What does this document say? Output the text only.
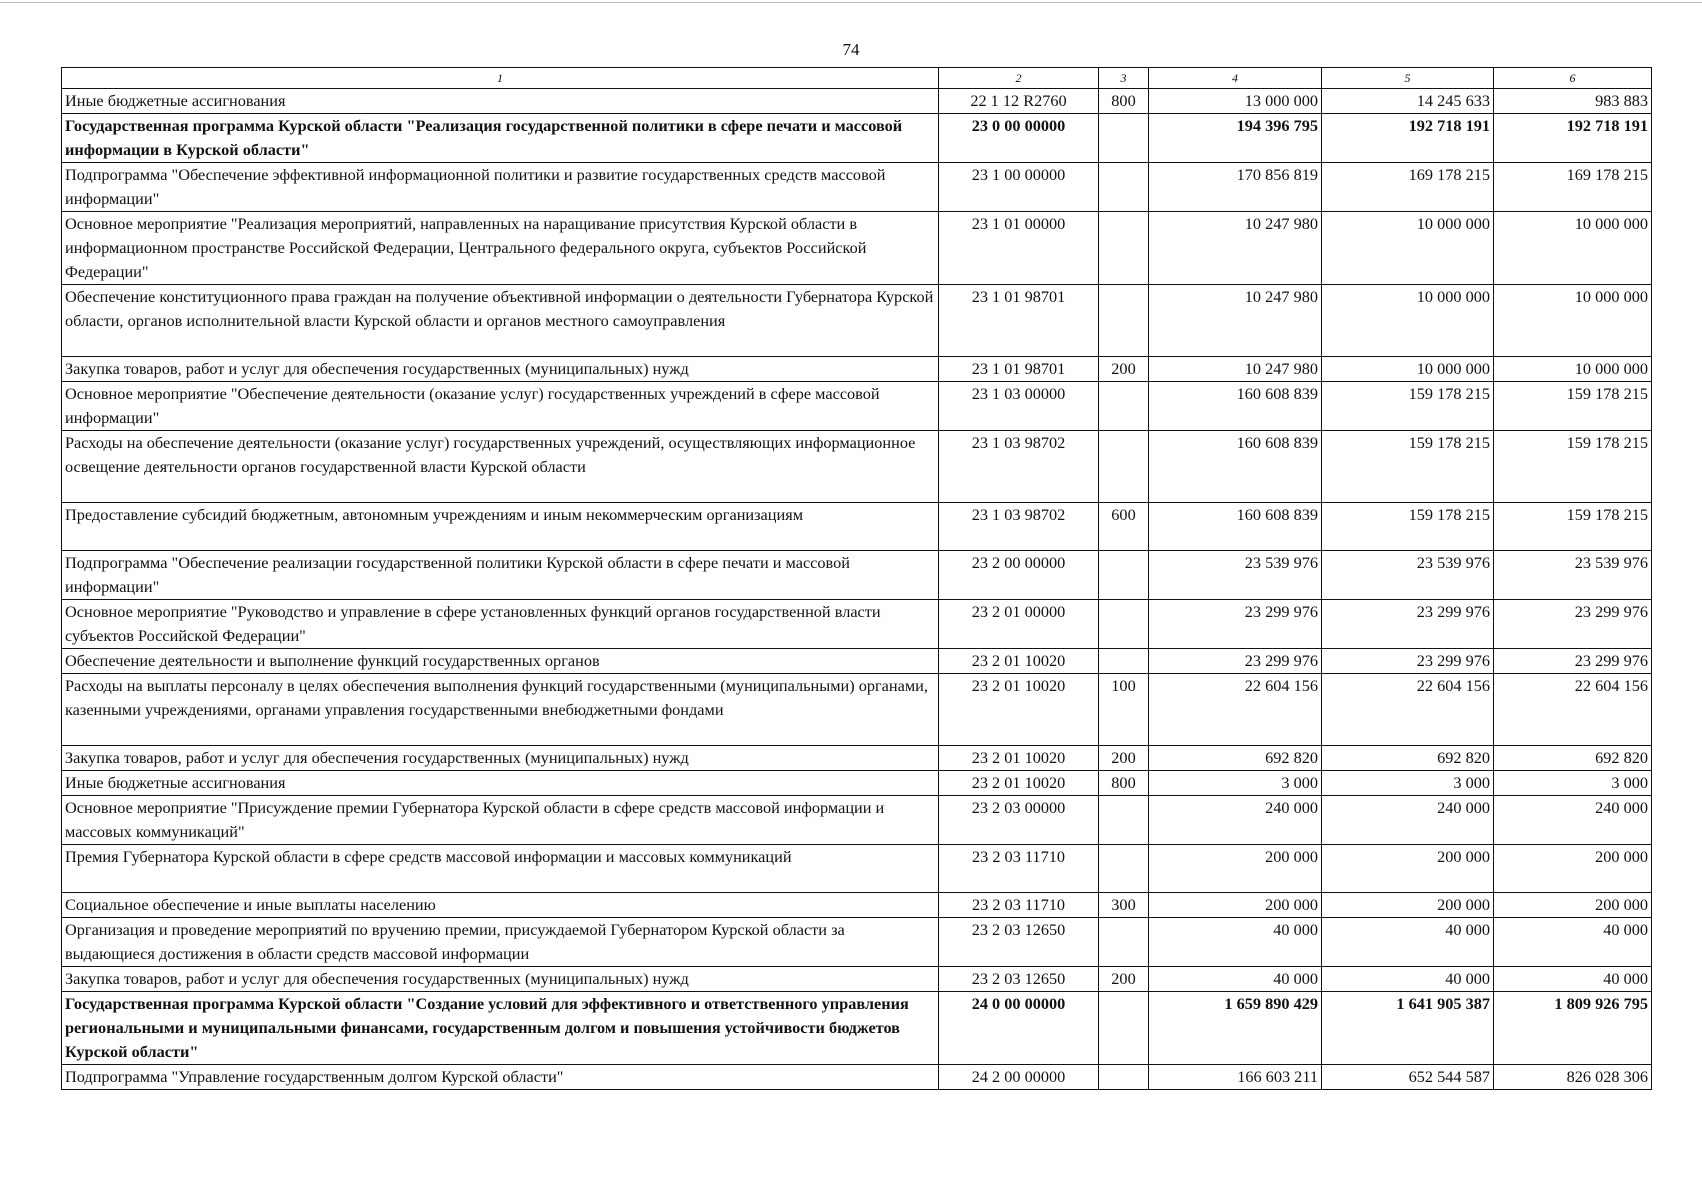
74
1	2	3	4	5	6
Иные бюджетные ассигнования	22 1 12 R2760	800	13 000 000	14 245 633	983 883
Государственная программа Курской области "Реализация государственной политики в сфере печати и массовой информации в Курской области"	23 0 00 00000		194 396 795	192 718 191	192 718 191
Подпрограмма "Обеспечение эффективной информационной политики и развитие государственных средств массовой информации"	23 1 00 00000		170 856 819	169 178 215	169 178 215
Основное мероприятие "Реализация мероприятий, направленных на наращивание присутствия Курской области в информационном пространстве Российской Федерации, Центрального федерального округа, субъектов Российской Федерации"	23 1 01 00000		10 247 980	10 000 000	10 000 000
Обеспечение конституционного права граждан на получение объективной информации о деятельности Губернатора Курской области, органов исполнительной власти Курской области и органов местного самоуправления	23 1 01 98701		10 247 980	10 000 000	10 000 000
Закупка товаров, работ и услуг для обеспечения государственных (муниципальных) нужд	23 1 01 98701	200	10 247 980	10 000 000	10 000 000
Основное мероприятие "Обеспечение деятельности (оказание услуг) государственных учреждений в сфере массовой информации"	23 1 03 00000		160 608 839	159 178 215	159 178 215
Расходы на обеспечение деятельности (оказание услуг) государственных учреждений, осуществляющих информационное освещение деятельности органов государственной власти Курской области	23 1 03 98702		160 608 839	159 178 215	159 178 215
Предоставление субсидий бюджетным, автономным учреждениям и иным некоммерческим организациям	23 1 03 98702	600	160 608 839	159 178 215	159 178 215
Подпрограмма "Обеспечение реализации государственной политики Курской области в сфере печати и массовой информации"	23 2 00 00000		23 539 976	23 539 976	23 539 976
Основное мероприятие "Руководство и управление в сфере установленных функций органов государственной власти субъектов Российской Федерации"	23 2 01 00000		23 299 976	23 299 976	23 299 976
Обеспечение деятельности и выполнение функций государственных органов	23 2 01 10020		23 299 976	23 299 976	23 299 976
Расходы на выплаты персоналу в целях обеспечения выполнения функций государственными (муниципальными) органами, казенными учреждениями, органами управления государственными внебюджетными фондами	23 2 01 10020	100	22 604 156	22 604 156	22 604 156
Закупка товаров, работ и услуг для обеспечения государственных (муниципальных) нужд	23 2 01 10020	200	692 820	692 820	692 820
Иные бюджетные ассигнования	23 2 01 10020	800	3 000	3 000	3 000
Основное мероприятие "Присуждение премии Губернатора Курской области в сфере средств массовой информации и массовых коммуникаций"	23 2 03 00000		240 000	240 000	240 000
Премия Губернатора Курской области в сфере средств массовой информации и массовых коммуникаций	23 2 03 11710		200 000	200 000	200 000
Социальное обеспечение и иные выплаты населению	23 2 03 11710	300	200 000	200 000	200 000
Организация и проведение мероприятий по вручению премии, присуждаемой Губернатором Курской области за выдающиеся достижения в области средств массовой информации	23 2 03 12650		40 000	40 000	40 000
Закупка товаров, работ и услуг для обеспечения государственных (муниципальных) нужд	23 2 03 12650	200	40 000	40 000	40 000
Государственная программа Курской области "Создание условий для эффективного и ответственного управления региональными и муниципальными финансами, государственным долгом и повышения устойчивости бюджетов Курской области"	24 0 00 00000		1 659 890 429	1 641 905 387	1 809 926 795
Подпрограмма "Управление государственным долгом Курской области"	24 2 00 00000		166 603 211	652 544 587	826 028 306
